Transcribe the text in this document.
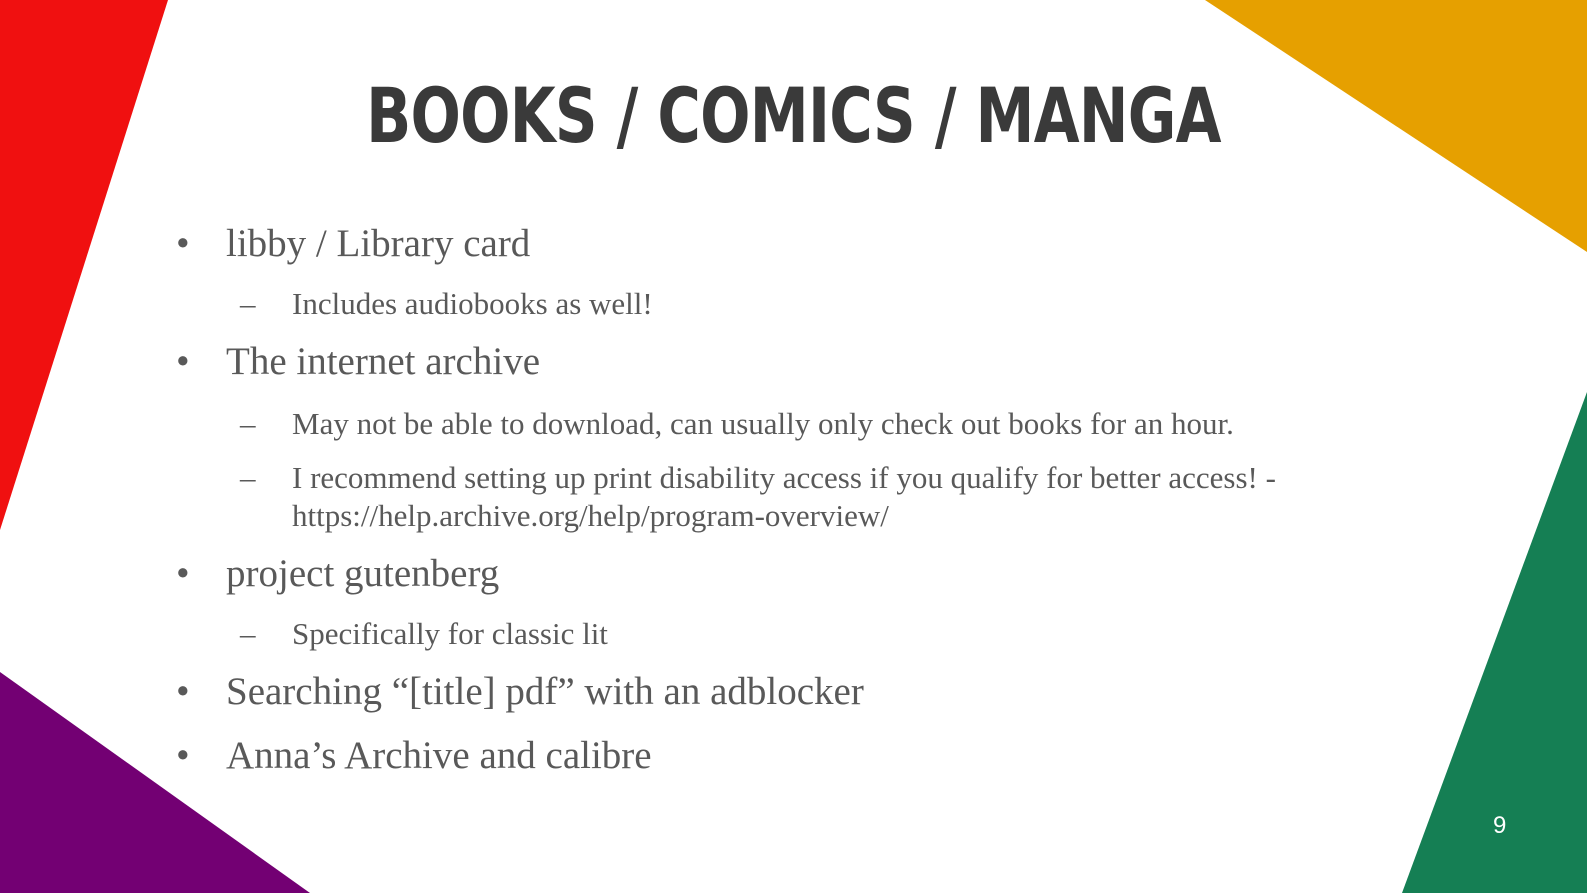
BOOKS / COMICS / MANGA
• libby / Library card
– Includes audiobooks as well!
• The internet archive
– May not be able to download, can usually only check out books for an hour.
– I recommend setting up print disability access if you qualify for better access! - https://help.archive.org/help/program-overview/
• project gutenberg
– Specifically for classic lit
• Searching “[title] pdf” with an adblocker
• Anna’s Archive and calibre
9
